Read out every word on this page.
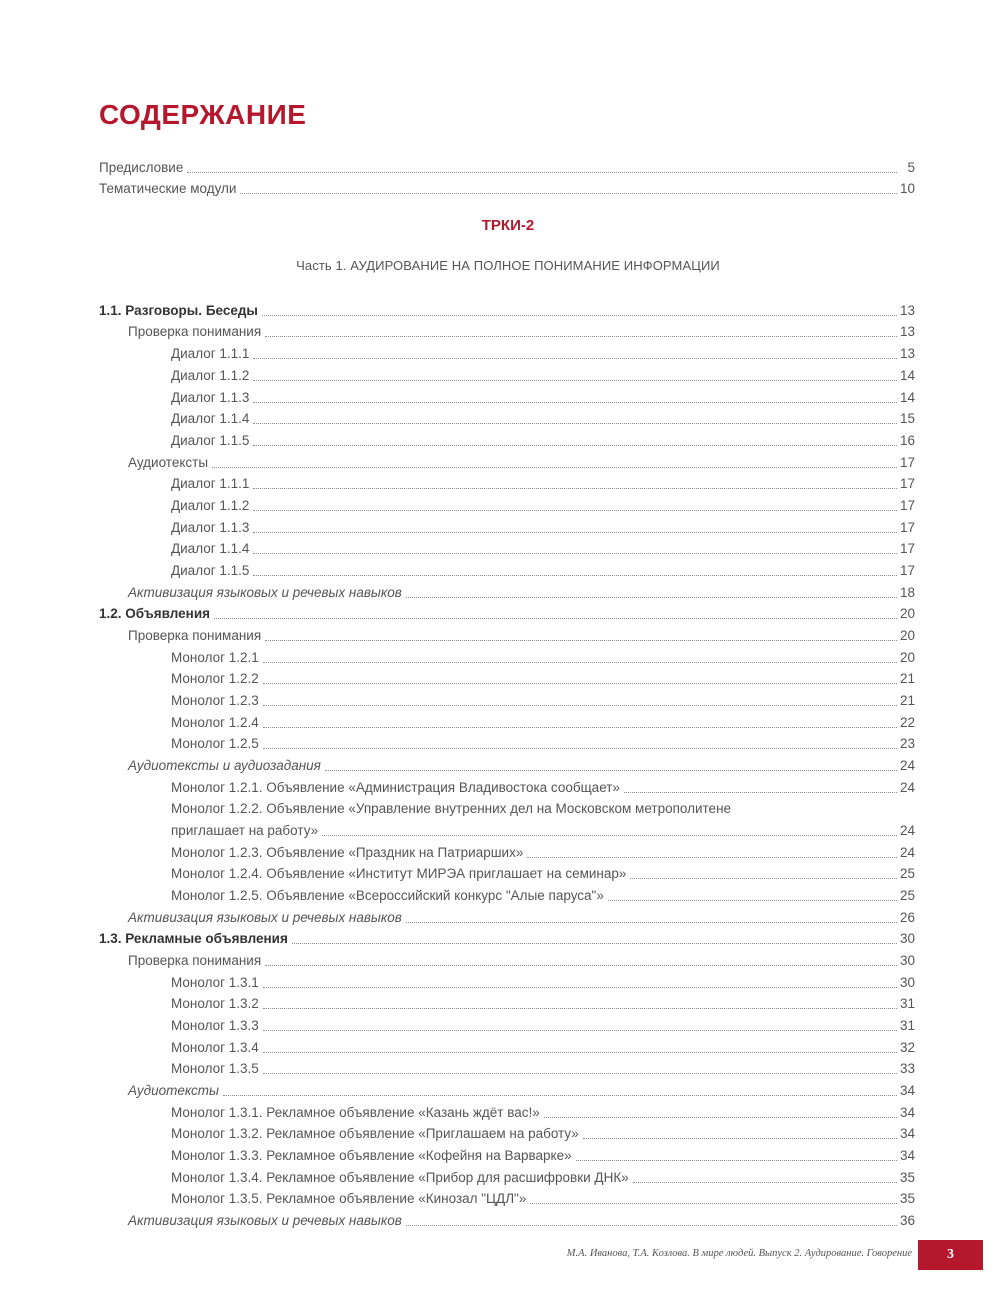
СОДЕРЖАНИЕ
Предисловие	5
Тематические модули	10
ТРКИ-2
Часть 1. АУДИРОВАНИЕ НА ПОЛНОЕ ПОНИМАНИЕ ИНФОРМАЦИИ
1.1. Разговоры. Беседы	13
Проверка понимания	13
Диалог 1.1.1	13
Диалог 1.1.2	14
Диалог 1.1.3	14
Диалог 1.1.4	15
Диалог 1.1.5	16
Аудиотексты	17
Диалог 1.1.1	17
Диалог 1.1.2	17
Диалог 1.1.3	17
Диалог 1.1.4	17
Диалог 1.1.5	17
Активизация языковых и речевых навыков	18
1.2. Объявления	20
Проверка понимания	20
Монолог 1.2.1	20
Монолог 1.2.2	21
Монолог 1.2.3	21
Монолог 1.2.4	22
Монолог 1.2.5	23
Аудиотексты и аудиозадания	24
Монолог 1.2.1. Объявление «Администрация Владивостока сообщает»	24
Монолог 1.2.2. Объявление «Управление внутренних дел на Московском метрополитене
приглашает на работу»	24
Монолог 1.2.3. Объявление «Праздник на Патриарших»	24
Монолог 1.2.4. Объявление «Институт МИРЭА приглашает на семинар»	25
Монолог 1.2.5. Объявление «Всероссийский конкурс "Алые паруса"»	25
Активизация языковых и речевых навыков	26
1.3. Рекламные объявления	30
Проверка понимания	30
Монолог 1.3.1	30
Монолог 1.3.2	31
Монолог 1.3.3	31
Монолог 1.3.4	32
Монолог 1.3.5	33
Аудиотексты	34
Монолог 1.3.1. Рекламное объявление «Казань ждёт вас!»	34
Монолог 1.3.2. Рекламное объявление «Приглашаем на работу»	34
Монолог 1.3.3. Рекламное объявление «Кофейня на Варварке»	34
Монолог 1.3.4. Рекламное объявление «Прибор для расшифровки ДНК»	35
Монолог 1.3.5. Рекламное объявление «Кинозал "ЦДЛ"»	35
Активизация языковых и речевых навыков	36
М.А. Иванова, Т.А. Козлова. В мире людей. Выпуск 2. Аудирование. Говорение	3
